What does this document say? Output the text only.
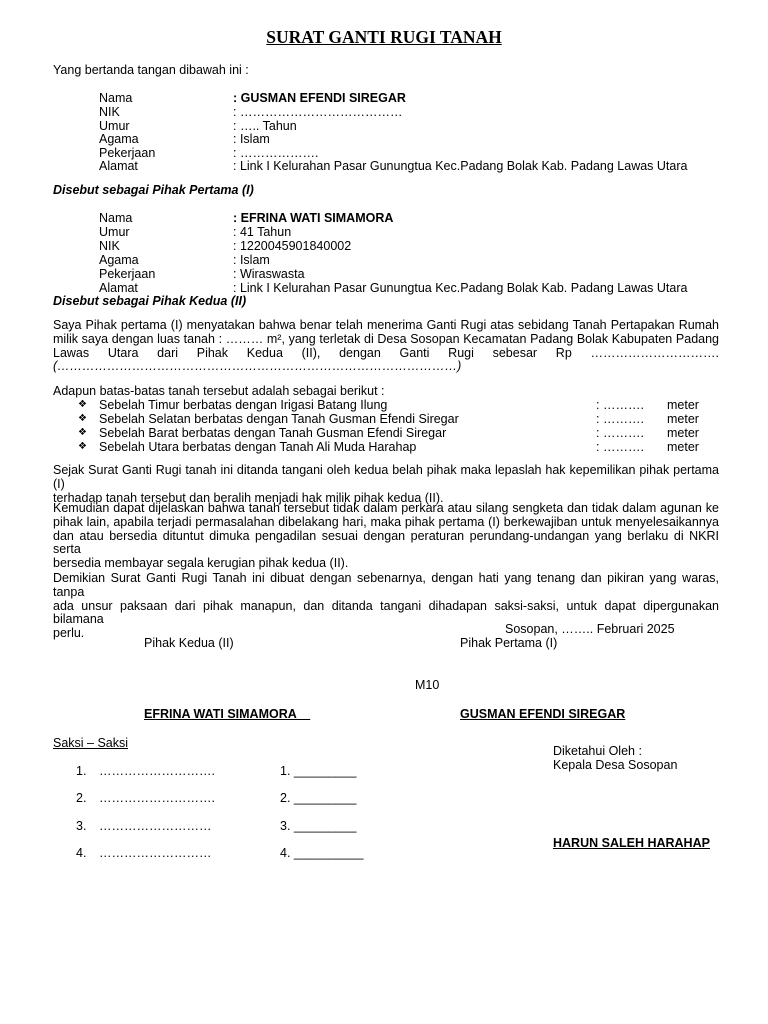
SURAT GANTI RUGI TANAH
Yang bertanda tangan dibawah ini :
Nama	: GUSMAN EFENDI SIREGAR
NIK	: …………………………………
Umur	: ….. Tahun
Agama	: Islam
Pekerjaan	: ……………….
Alamat	: Link I Kelurahan Pasar Gunungtua Kec.Padang Bolak Kab. Padang Lawas Utara
Disebut sebagai Pihak Pertama (I)
Nama	: EFRINA WATI SIMAMORA
Umur	: 41 Tahun
NIK	: 1220045901840002
Agama	: Islam
Pekerjaan	: Wiraswasta
Alamat	: Link I Kelurahan Pasar Gunungtua Kec.Padang Bolak Kab. Padang Lawas Utara
Disebut sebagai Pihak Kedua (II)
Saya Pihak pertama (I) menyatakan bahwa benar telah menerima Ganti Rugi atas sebidang Tanah Pertapakan Rumah
milik saya dengan luas tanah : ……… m², yang terletak di Desa Sosopan Kecamatan Padang Bolak Kabupaten Padang
Lawas Utara dari Pihak Kedua (II), dengan Ganti Rugi sebesar Rp ………………………….
(……………………………………………………………………………………)
Adapun batas-batas tanah tersebut adalah sebagai berikut :
❖ Sebelah Timur berbatas dengan Irigasi Batang Ilung	: ………. meter
❖ Sebelah Selatan berbatas dengan Tanah Gusman Efendi Siregar	: ………. meter
❖ Sebelah Barat berbatas dengan Tanah Gusman Efendi Siregar	: ………. meter
❖ Sebelah Utara berbatas dengan Tanah Ali Muda Harahap	: ………. meter
Sejak Surat Ganti Rugi tanah ini ditanda tangani oleh kedua belah pihak maka lepaslah hak kepemilikan pihak pertama (I)
terhadap tanah tersebut dan beralih menjadi hak milik pihak kedua (II).
Kemudian dapat dijelaskan bahwa tanah tersebut tidak dalam perkara atau silang sengketa dan tidak dalam agunan ke
pihak lain, apabila terjadi permasalahan dibelakang hari, maka pihak pertama (I) berkewajiban untuk menyelesaikannya
dan atau bersedia dituntut dimuka pengadilan sesuai dengan peraturan perundang-undangan yang berlaku di NKRI serta
bersedia membayar segala kerugian pihak kedua (II).
Demikian Surat Ganti Rugi Tanah ini dibuat dengan sebenarnya, dengan hati yang tenang dan pikiran yang waras, tanpa
ada unsur paksaan dari pihak manapun, dan ditanda tangani dihadapan saksi-saksi, untuk dapat dipergunakan bilamana
perlu.	Sosopan, …….. Februari 2025
Pihak Kedua (II)	Pihak Pertama (I)
M10
EFRINA WATI SIMAMORA	GUSMAN EFENDI SIREGAR
Saksi – Saksi
1. ……………………….	1. _________
2. ……………………….	2. _________
3. ………………………	3. _________
4. ………………………	4. __________
Diketahui Oleh :
Kepala Desa Sosopan
HARUN SALEH HARAHAP
